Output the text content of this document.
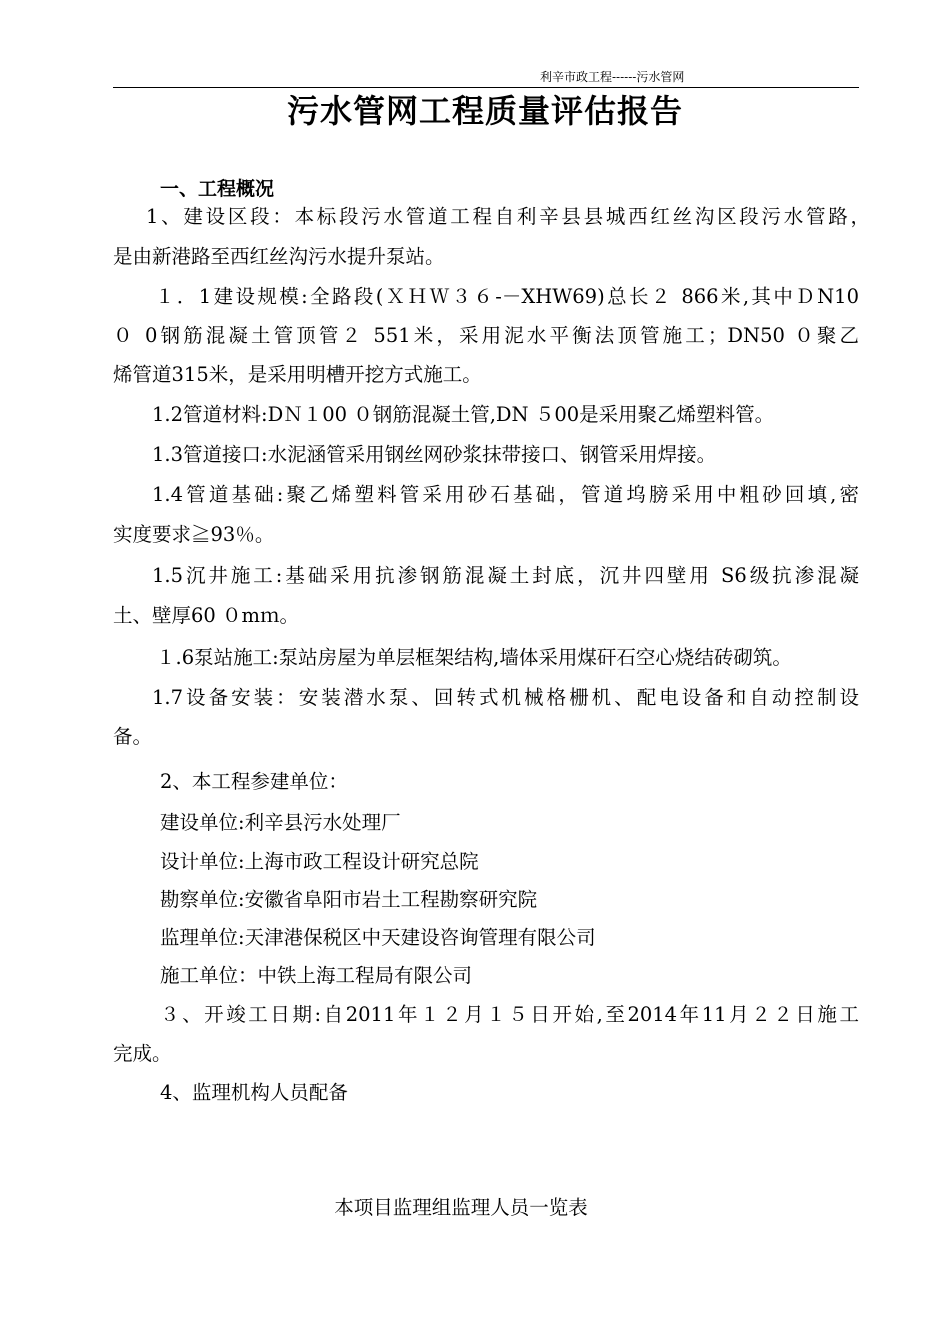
利辛市政工程------污水管网
污水管网工程质量评估报告
一、工程概况
1、建设区段：本标段污水管道工程自利辛县县城西红丝沟区段污水管路，
是由新港路至西红丝沟污水提升泵站。
１．1建设规模:全路段(ＸＨＷ３６-－XHW69)总长２ 866米,其中ＤN10
０ 0钢筋混凝土管顶管２ 551米，采用泥水平衡法顶管施工；DN50 ０聚乙
烯管道315米，是采用明槽开挖方式施工。
1.2管道材料:DＮ１00 ０钢筋混凝土管,DN ５00是采用聚乙烯塑料管。
1.3管道接口:水泥涵管采用钢丝网砂浆抹带接口、钢管采用焊接。
1.4管道基础:聚乙烯塑料管采用砂石基础，管道坞膀采用中粗砂回填,密
实度要求≧93％。
1.5沉井施工:基础采用抗渗钢筋混凝土封底，沉井四壁用 S6级抗渗混凝
土、壁厚60 ０mｍ。
１.6泵站施工:泵站房屋为单层框架结构,墙体采用煤矸石空心烧结砖砌筑。
1.7设备安装：安装潜水泵、回转式机械格栅机、配电设备和自动控制设
备。
2、本工程参建单位：
建设单位:利辛县污水处理厂
设计单位:上海市政工程设计研究总院
勘察单位:安徽省阜阳市岩土工程勘察研究院
监理单位:天津港保税区中天建设咨询管理有限公司
施工单位：中铁上海工程局有限公司
３、开竣工日期:自2011年１２月１５日开始,至2014年11月２２日施工
完成。
4、监理机构人员配备
本项目监理组监理人员一览表
